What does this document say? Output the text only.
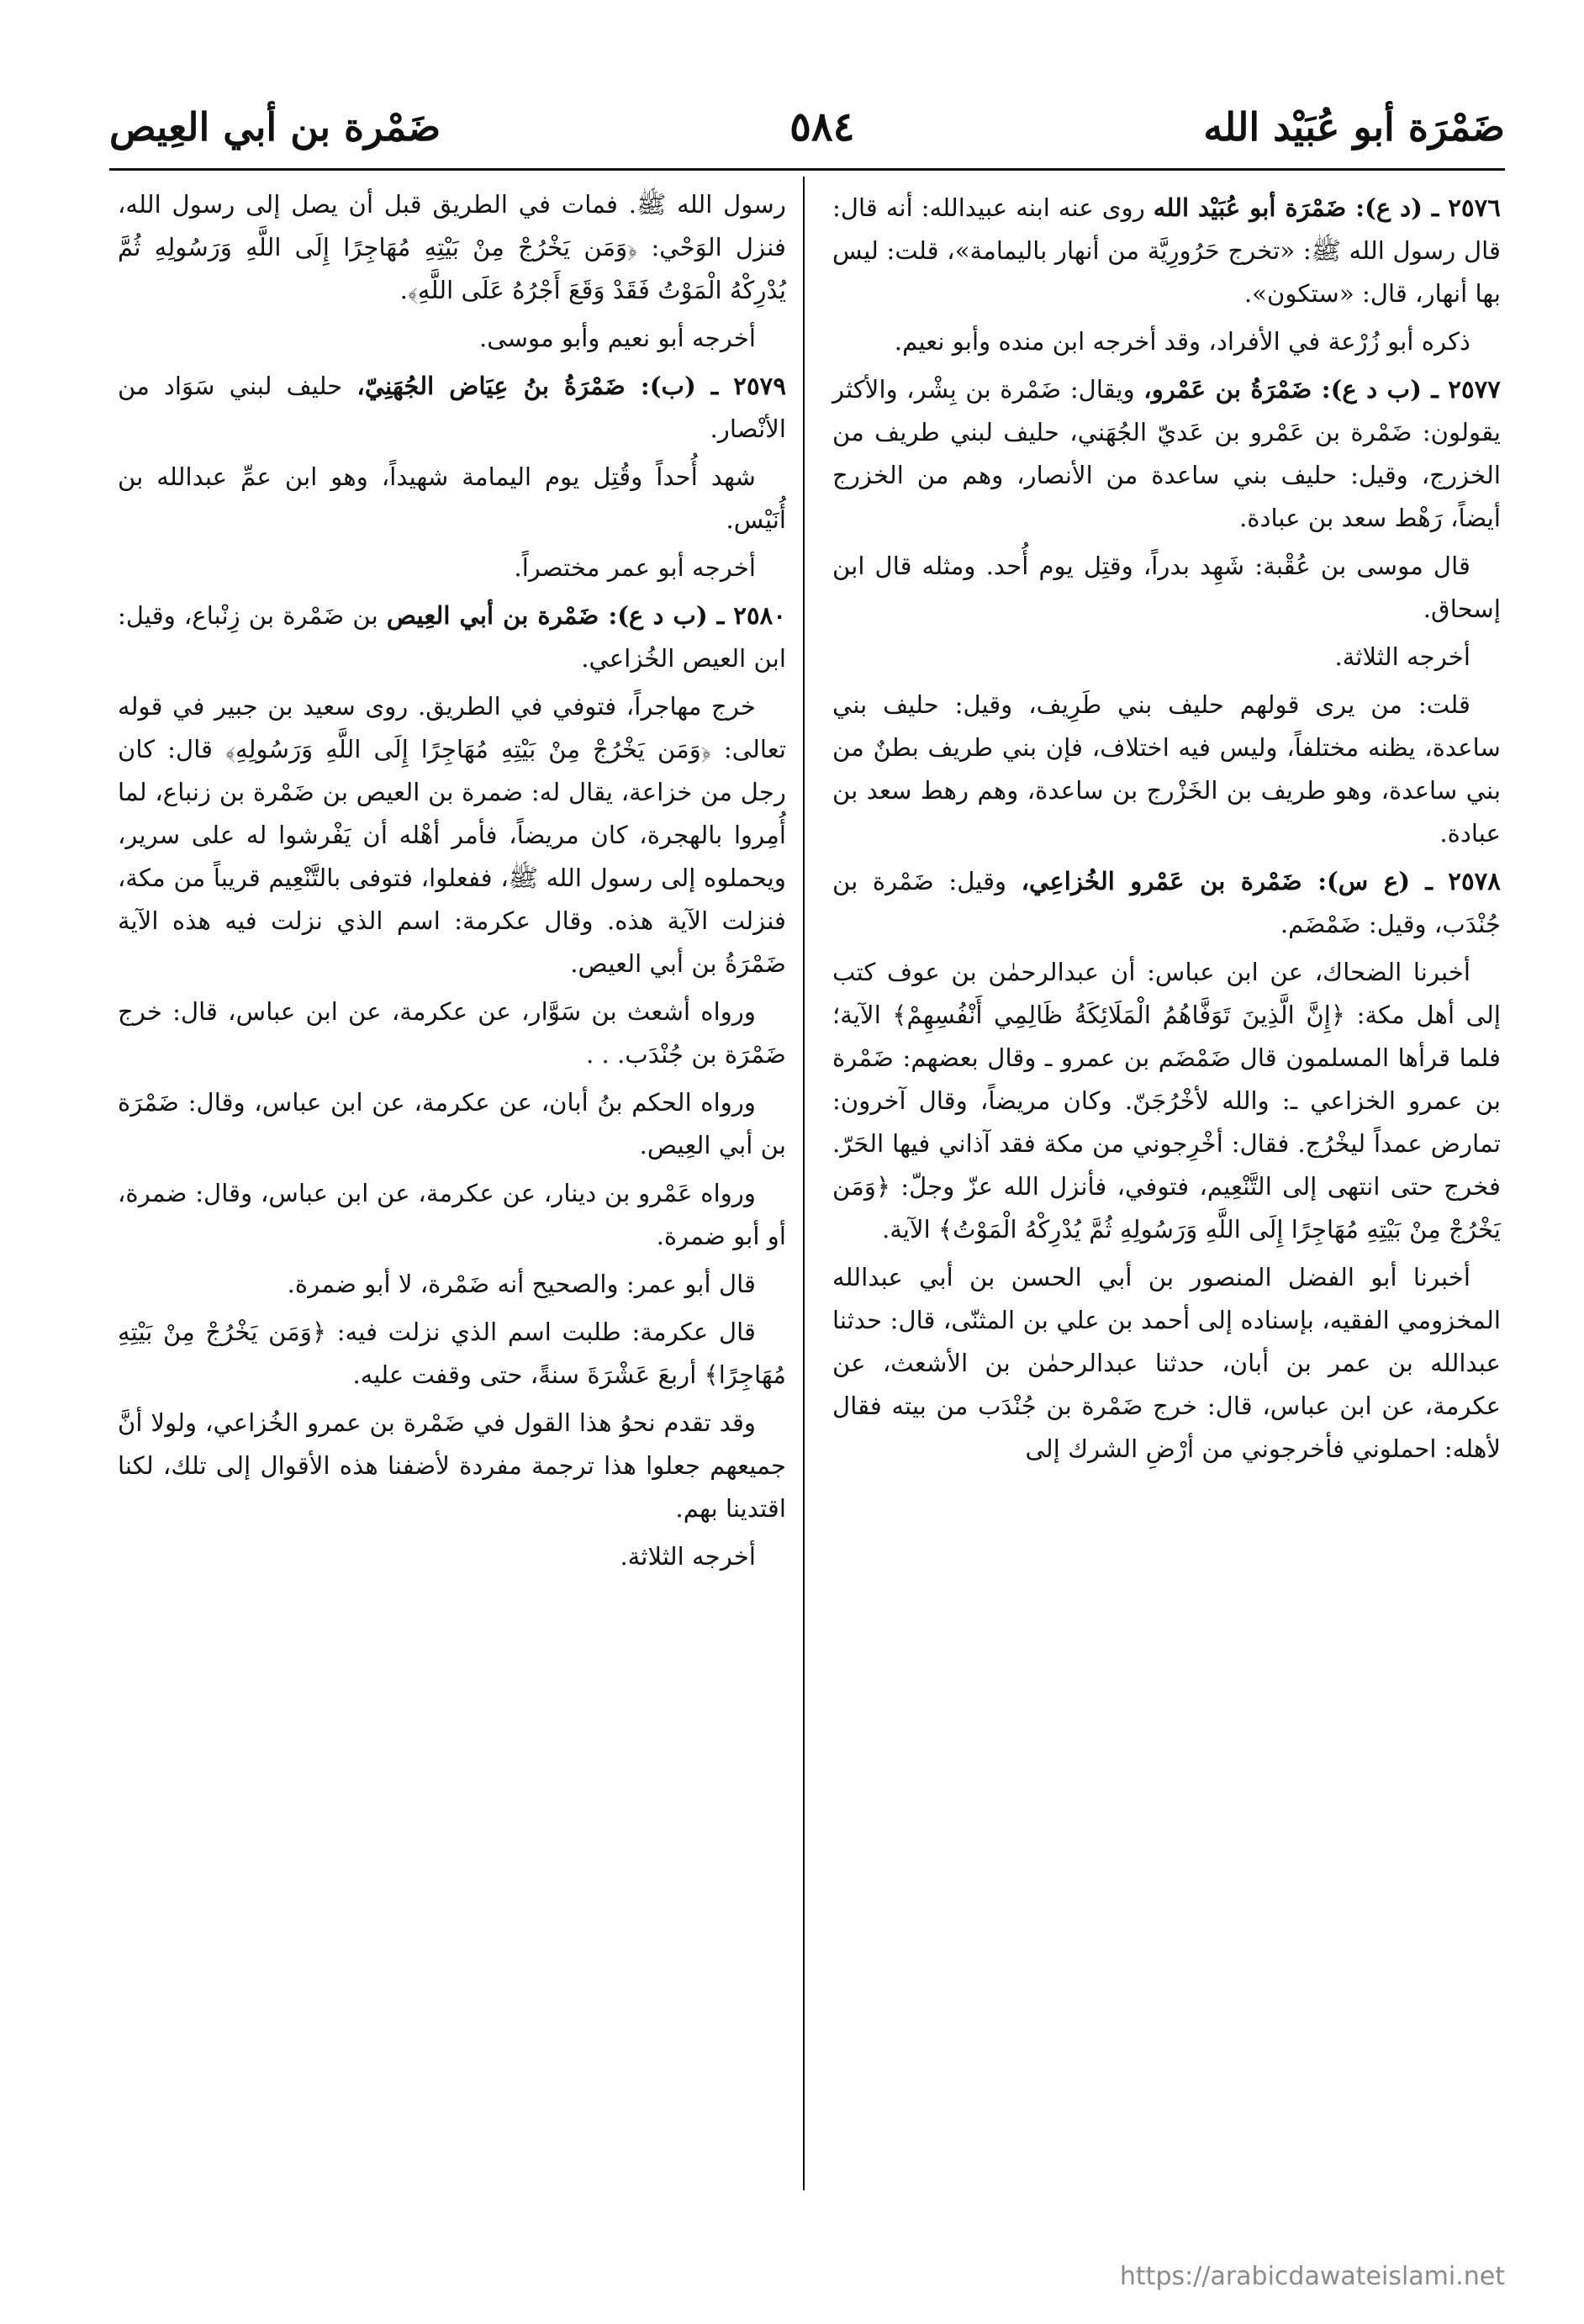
ضَمْرَة أبو عُبَيْد الله
٥٨٤
ضَمْرة بن أبي العِيص

٢٥٧٦ ـ (د ع): ضَمْرَة أبو عُبَيْد الله روى عنه ابنه عبيدالله: أنه قال: قال رسول الله ﷺ: «تخرج حَرُورِيَّة من أنهار باليمامة»، قلت: ليس بها أنهار، قال: «ستكون».

ذكره أبو زُرْعة في الأفراد، وقد أخرجه ابن منده وأبو نعيم.

٢٥٧٧ ـ (ب د ع): ضَمْرَةُ بن عَمْرو، ويقال: ضَمْرة بن بِشْر، والأكثر يقولون: ضَمْرة بن عَمْرو بن عَديّ الجُهَني، حليف لبني طريف من الخزرج، وقيل: حليف بني ساعدة من الأنصار، وهم من الخزرج أيضاً، رَهْط سعد بن عبادة.

قال موسى بن عُقْبة: شَهِد بدراً، وقتِل يوم أُحد. ومثله قال ابن إسحاق.

أخرجه الثلاثة.

قلت: من يرى قولهم حليف بني طَرِيف، وقيل: حليف بني ساعدة، يظنه مختلفاً، وليس فيه اختلاف، فإن بني طريف بطنٌ من بني ساعدة، وهو طريف بن الخَزْرج بن ساعدة، وهم رهط سعد بن عبادة.

٢٥٧٨ ـ (ع س): ضَمْرة بن عَمْرو الخُزاعِي، وقيل: ضَمْرة بن جُنْدَب، وقيل: ضَمْضَم.

أخبرنا الضحاك، عن ابن عباس: أن عبدالرحمٰن بن عوف كتب إلى أهل مكة: ﴿إِنَّ الَّذِينَ تَوَفَّاهُمُ الْمَلَائِكَةُ ظَالِمِي أَنْفُسِهِمْ﴾ الآية؛ فلما قرأها المسلمون قال ضَمْضَم بن عمرو ـ وقال بعضهم: ضَمْرة بن عمرو الخزاعي ـ: والله لأخْرُجَنّ. وكان مريضاً، وقال آخرون: تمارض عمداً ليخْرُج. فقال: أخْرِجوني من مكة فقد آذاني فيها الحَرّ. فخرج حتى انتهى إلى التَّنْعِيم، فتوفي، فأنزل الله عزّ وجلّ: ﴿وَمَن يَخْرُجْ مِنْ بَيْتِهِ مُهَاجِرًا إِلَى اللَّهِ وَرَسُولِهِ ثُمَّ يُدْرِكْهُ الْمَوْتُ﴾ الآية.

أخبرنا أبو الفضل المنصور بن أبي الحسن بن أبي عبدالله المخزومي الفقيه، بإسناده إلى أحمد بن علي بن المثنّى، قال: حدثنا عبدالله بن عمر بن أبان، حدثنا عبدالرحمٰن بن الأشعث، عن عكرمة، عن ابن عباس، قال: خرج ضَمْرة بن جُنْدَب من بيته فقال لأهله: احملوني فأخرجوني من أرْضِ الشرك إلى

رسول الله ﷺ. فمات في الطريق قبل أن يصل إلى رسول الله، فنزل الوَحْي: ﴿وَمَن يَخْرُجْ مِنْ بَيْتِهِ مُهَاجِرًا إِلَى اللَّهِ وَرَسُولِهِ ثُمَّ يُدْرِكْهُ الْمَوْتُ فَقَدْ وَقَعَ أَجْرُهُ عَلَى اللَّهِ﴾.

أخرجه أبو نعيم وأبو موسى.

٢٥٧٩ ـ (ب): ضَمْرَةُ بنُ عِيَاض الجُهَنِيّ، حليف لبني سَوَاد من الأنْصار.

شهد أُحداً وقُتِل يوم اليمامة شهيداً، وهو ابن عمِّ عبدالله بن أُنَيْس.

أخرجه أبو عمر مختصراً.

٢٥٨٠ ـ (ب د ع): ضَمْرة بن أبي العِيص بن ضَمْرة بن زِنْباع، وقيل: ابن العيص الخُزاعي.

خرج مهاجراً، فتوفي في الطريق. روى سعيد بن جبير في قوله تعالى: ﴿وَمَن يَخْرُجْ مِنْ بَيْتِهِ مُهَاجِرًا إِلَى اللَّهِ وَرَسُولِهِ﴾ قال: كان رجل من خزاعة، يقال له: ضمرة بن العيص بن ضَمْرة بن زنباع، لما أُمِروا بالهجرة، كان مريضاً، فأمر أهْله أن يَفْرشوا له على سرير، ويحملوه إلى رسول الله ﷺ، ففعلوا، فتوفى بالتَّنْعِيم قريباً من مكة، فنزلت الآية هذه. وقال عكرمة: اسم الذي نزلت فيه هذه الآية ضَمْرَةُ بن أبي العيص.

ورواه أشعث بن سَوَّار، عن عكرمة، عن ابن عباس، قال: خرج ضَمْرَة بن جُنْدَب. . .

ورواه الحكم بنُ أبان، عن عكرمة، عن ابن عباس، وقال: ضَمْرَة بن أبي العِيص.

ورواه عَمْرو بن دينار، عن عكرمة، عن ابن عباس، وقال: ضمرة، أو أبو ضمرة.

قال أبو عمر: والصحيح أنه ضَمْرة، لا أبو ضمرة.

قال عكرمة: طلبت اسم الذي نزلت فيه: ﴿وَمَن يَخْرُجْ مِنْ بَيْتِهِ مُهَاجِرًا﴾ أربعَ عَشْرَةَ سنةً، حتى وقفت عليه.

وقد تقدم نحوُ هذا القول في ضَمْرة بن عمرو الخُزاعي، ولولا أنَّ جميعهم جعلوا هذا ترجمة مفردة لأضفنا هذه الأقوال إلى تلك، لكنا اقتدينا بهم.

أخرجه الثلاثة.

https://arabicdawateislami.net
